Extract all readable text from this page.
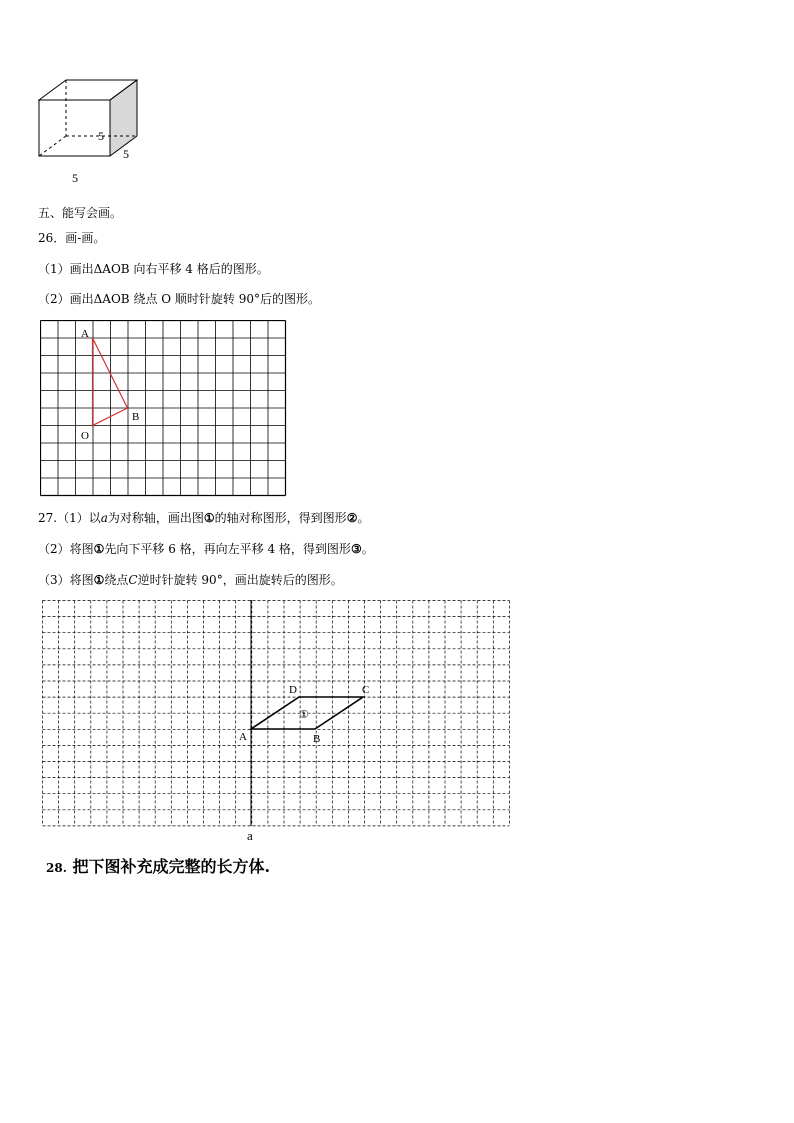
5
5
5
五、能写会画。
26．画-画。
（1）画出ΔAOB 向右平移 4 格后的图形。
（2）画出ΔAOB 绕点 O 顺时针旋转 90°后的图形。
A
B
O
27.（1）以a为对称轴，画出图①的轴对称图形，得到图形②。
（2）将图①先向下平移 6 格，再向左平移 4 格，得到图形③。
（3）将图①绕点C逆时针旋转 90°，画出旋转后的图形。
A	B
C
D
①
a
28. 把下图补充成完整的长方体.
